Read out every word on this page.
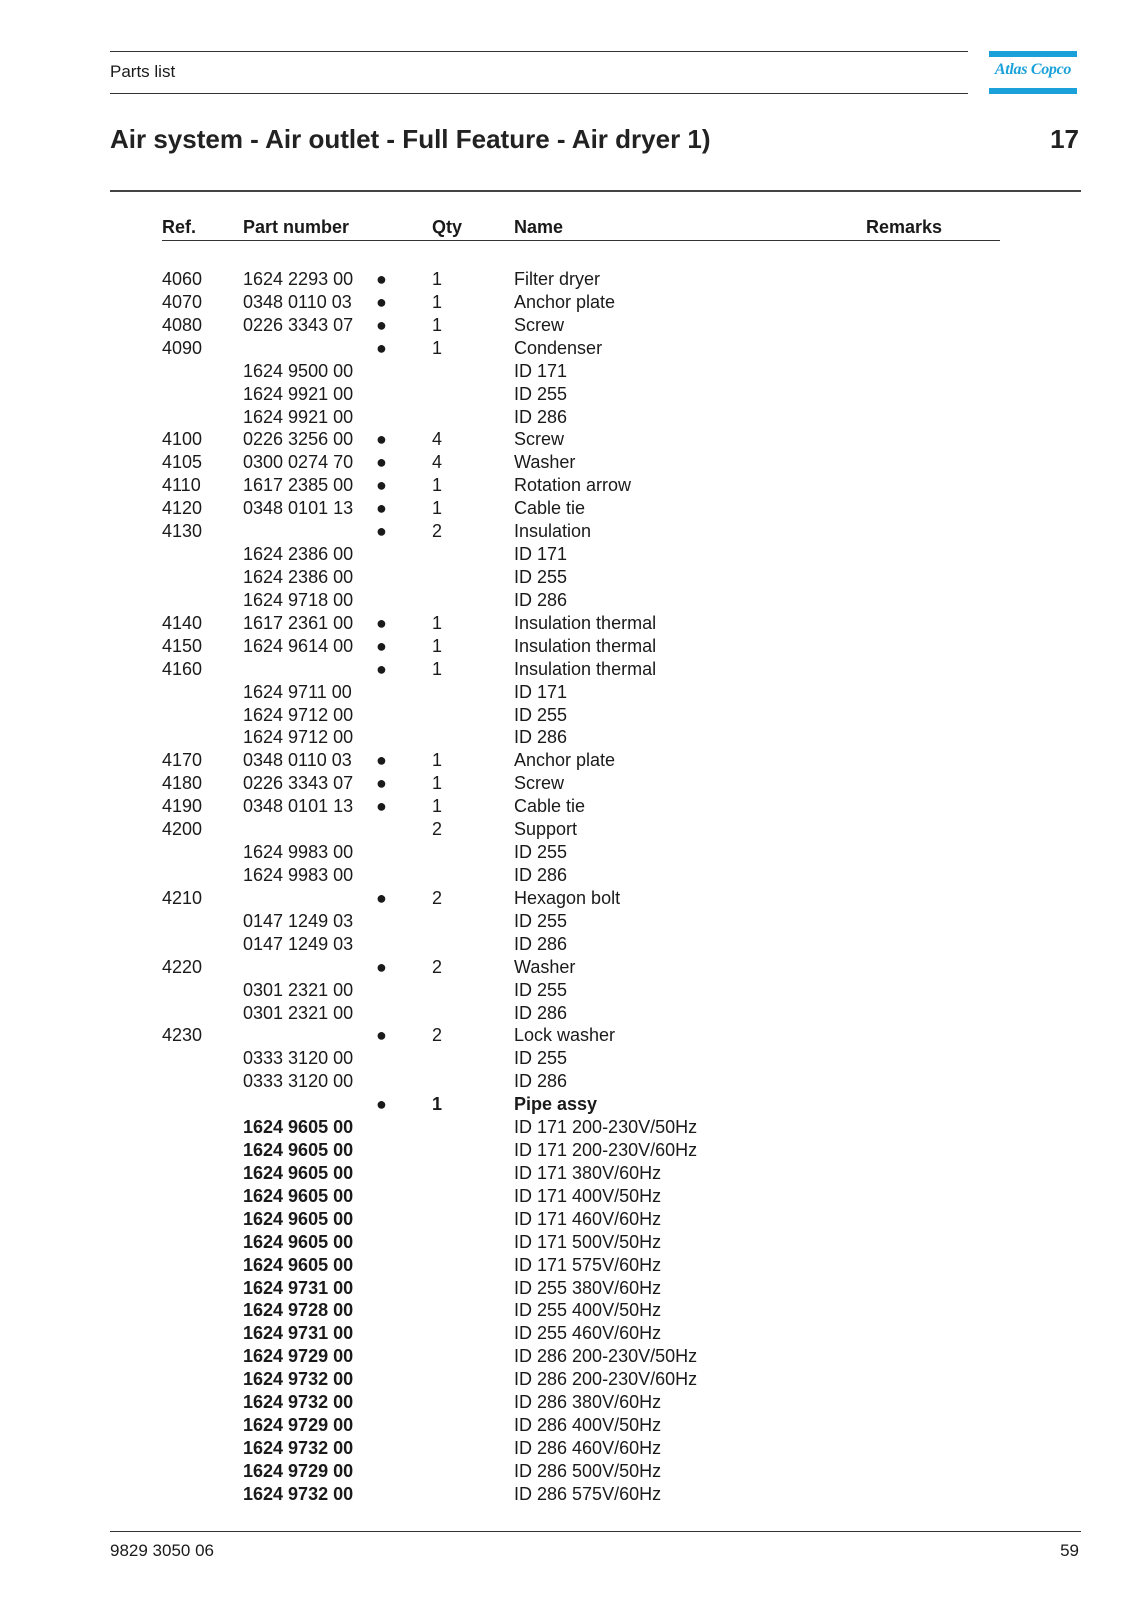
Parts list	Atlas Copco
Air system - Air outlet - Full Feature - Air dryer 1)	17
Ref.	Part number	Qty	Name	Remarks
4060 1624 2293 00 ●	1	Filter dryer
4070 0348 0110 03 ●	1	Anchor plate
4080 0226 3343 07 ●	1	Screw
4090	●	1	Condenser
1624 9500 00	ID 171
1624 9921 00	ID 255
1624 9921 00	ID 286
4100 0226 3256 00 ●	4	Screw
4105 0300 0274 70 ●	4	Washer
4110 1617 2385 00 ●	1	Rotation arrow
4120 0348 0101 13 ●	1	Cable tie
4130	●	2	Insulation
1624 2386 00	ID 171
1624 2386 00	ID 255
1624 9718 00	ID 286
4140 1617 2361 00 ●	1	Insulation thermal
4150 1624 9614 00 ●	1	Insulation thermal
4160	●	1	Insulation thermal
1624 9711 00	ID 171
1624 9712 00	ID 255
1624 9712 00	ID 286
4170 0348 0110 03 ●	1	Anchor plate
4180 0226 3343 07 ●	1	Screw
4190 0348 0101 13 ●	1	Cable tie
4200	2	Support
1624 9983 00	ID 255
1624 9983 00	ID 286
4210	●	2	Hexagon bolt
0147 1249 03	ID 255
0147 1249 03	ID 286
4220	●	2	Washer
0301 2321 00	ID 255
0301 2321 00	ID 286
4230	●	2	Lock washer
0333 3120 00	ID 255
0333 3120 00	ID 286
●	1	Pipe assy
1624 9605 00	ID 171 200-230V/50Hz
1624 9605 00	ID 171 200-230V/60Hz
1624 9605 00	ID 171 380V/60Hz
1624 9605 00	ID 171 400V/50Hz
1624 9605 00	ID 171 460V/60Hz
1624 9605 00	ID 171 500V/50Hz
1624 9605 00	ID 171 575V/60Hz
1624 9731 00	ID 255 380V/60Hz
1624 9728 00	ID 255 400V/50Hz
1624 9731 00	ID 255 460V/60Hz
1624 9729 00	ID 286 200-230V/50Hz
1624 9732 00	ID 286 200-230V/60Hz
1624 9732 00	ID 286 380V/60Hz
1624 9729 00	ID 286 400V/50Hz
1624 9732 00	ID 286 460V/60Hz
1624 9729 00	ID 286 500V/50Hz
1624 9732 00	ID 286 575V/60Hz
9829 3050 06	59
